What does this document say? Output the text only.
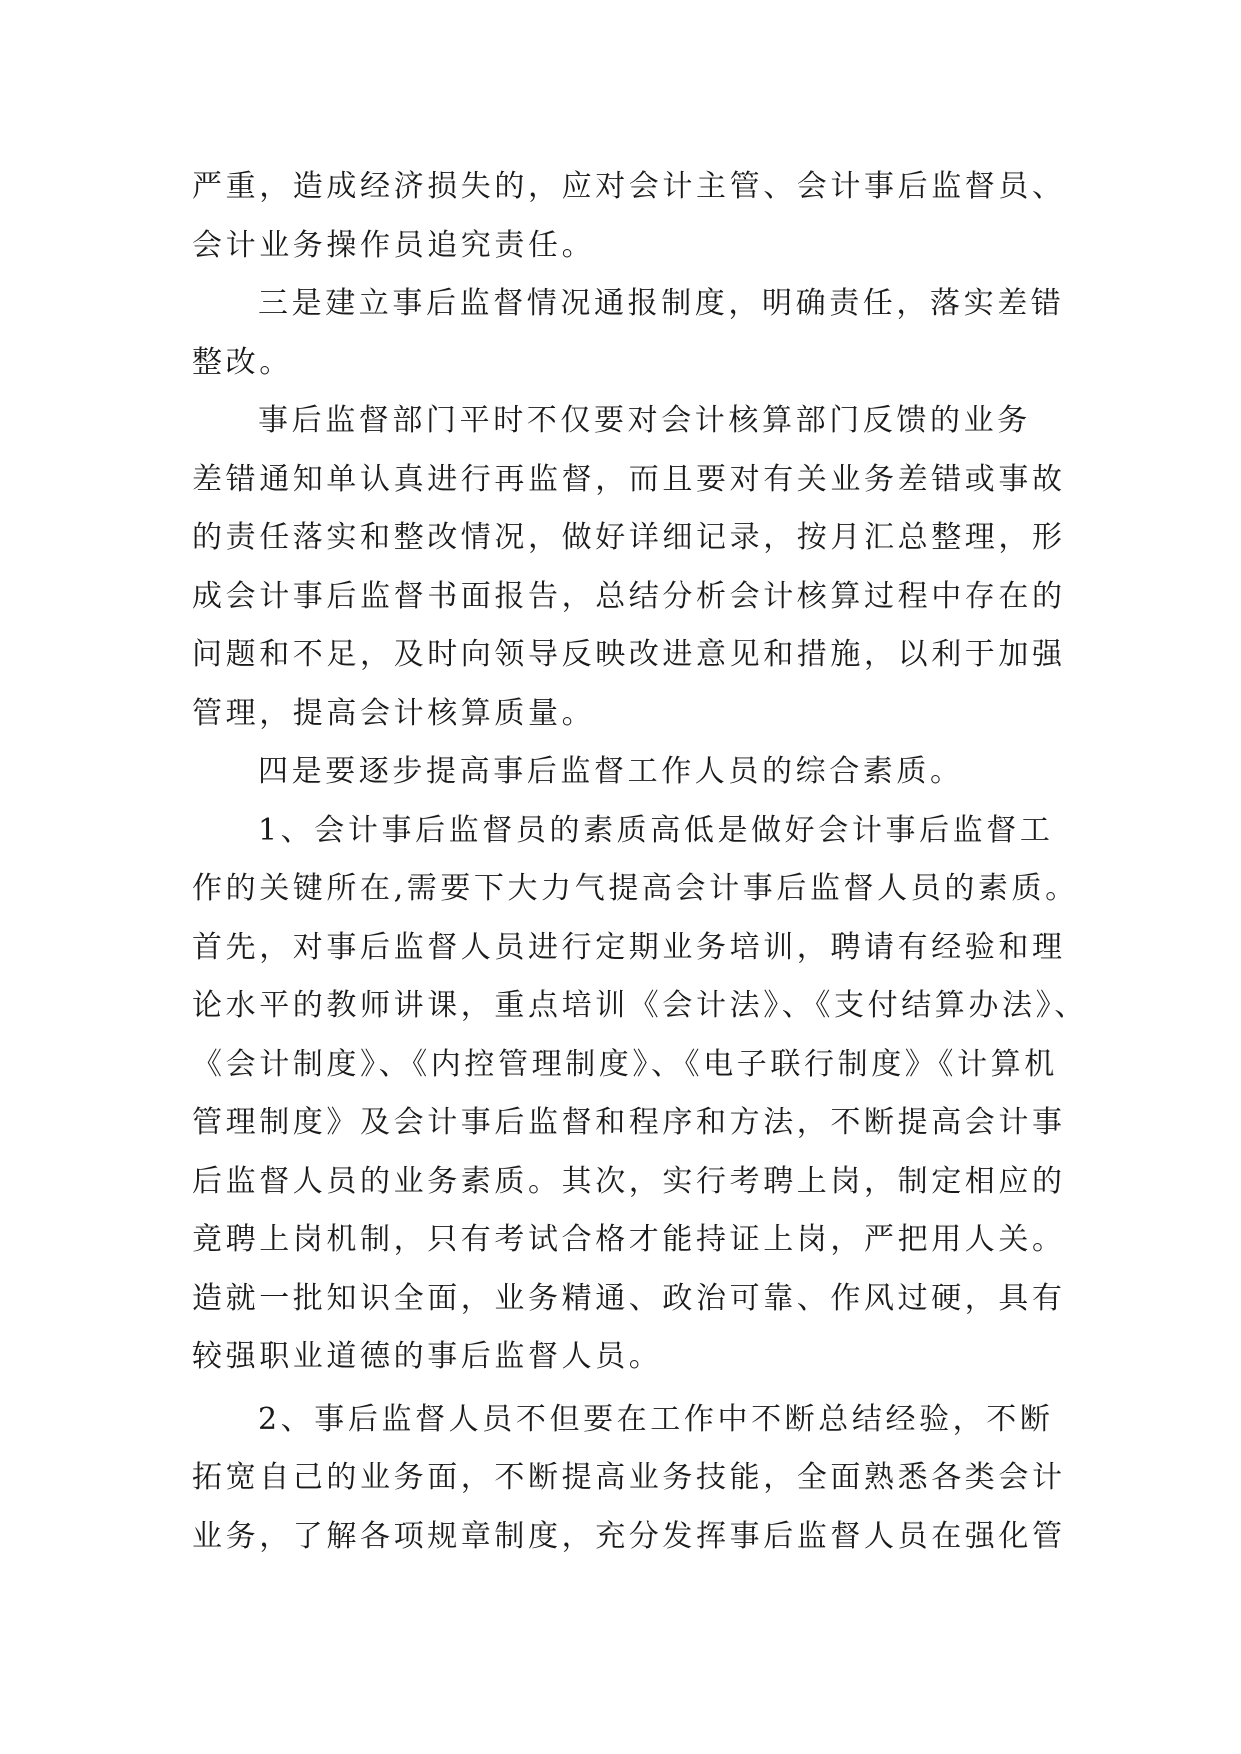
严重，造成经济损失的，应对会计主管、会计事后监督员、
会计业务操作员追究责任。
三是建立事后监督情况通报制度，明确责任，落实差错
整改。
事后监督部门平时不仅要对会计核算部门反馈的业务
差错通知单认真进行再监督，而且要对有关业务差错或事故
的责任落实和整改情况，做好详细记录，按月汇总整理，形
成会计事后监督书面报告，总结分析会计核算过程中存在的
问题和不足，及时向领导反映改进意见和措施，以利于加强
管理，提高会计核算质量。
四是要逐步提高事后监督工作人员的综合素质。
1、会计事后监督员的素质高低是做好会计事后监督工
作的关键所在,需要下大力气提高会计事后监督人员的素质。
首先，对事后监督人员进行定期业务培训，聘请有经验和理
论水平的教师讲课，重点培训《会计法》、《支付结算办法》、
《会计制度》、《内控管理制度》、《电子联行制度》《计算机
管理制度》及会计事后监督和程序和方法，不断提高会计事
后监督人员的业务素质。其次，实行考聘上岗，制定相应的
竟聘上岗机制，只有考试合格才能持证上岗，严把用人关。
造就一批知识全面，业务精通、政治可靠、作风过硬，具有
较强职业道德的事后监督人员。
2、事后监督人员不但要在工作中不断总结经验，不断
拓宽自己的业务面，不断提高业务技能，全面熟悉各类会计
业务，了解各项规章制度，充分发挥事后监督人员在强化管
